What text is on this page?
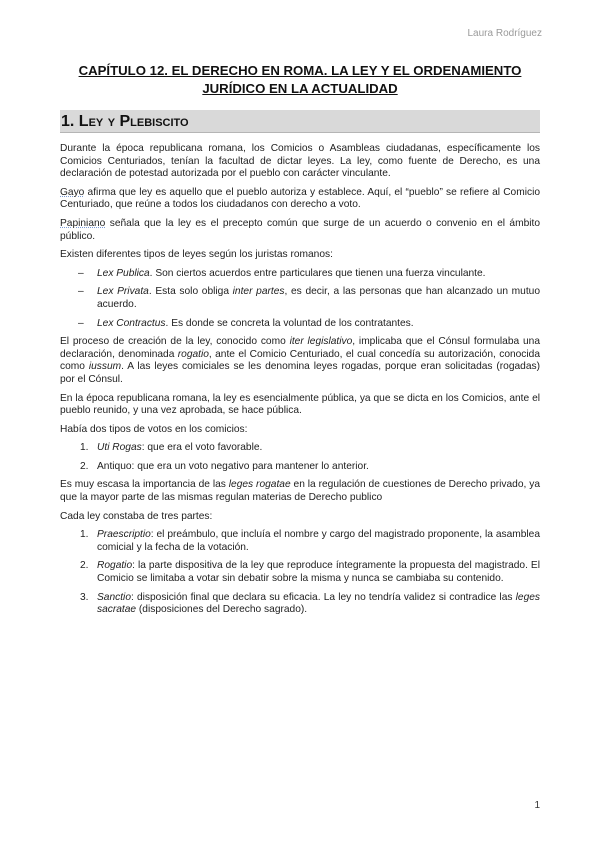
Laura Rodríguez
CAPÍTULO 12. EL DERECHO EN ROMA. LA LEY Y EL ORDENAMIENTO JURÍDICO EN LA ACTUALIDAD
1. Ley y Plebiscito

Durante la época republicana romana, los Comicios o Asambleas ciudadanas, específicamente los Comicios Centuriados, tenían la facultad de dictar leyes. La ley, como fuente de Derecho, es una declaración de potestad autorizada por el pueblo con carácter vinculante.

Gayo afirma que ley es aquello que el pueblo autoriza y establece. Aquí, el “pueblo” se refiere al Comicio Centuriado, que reúne a todos los ciudadanos con derecho a voto.

Papiniano señala que la ley es el precepto común que surge de un acuerdo o convenio en el ámbito público.

Existen diferentes tipos de leyes según los juristas romanos:

– Lex Publica. Son ciertos acuerdos entre particulares que tienen una fuerza vinculante.
– Lex Privata. Esta solo obliga inter partes, es decir, a las personas que han alcanzado un mutuo acuerdo.
– Lex Contractus. Es donde se concreta la voluntad de los contratantes.

El proceso de creación de la ley, conocido como iter legislativo, implicaba que el Cónsul formulaba una declaración, denominada rogatio, ante el Comicio Centuriado, el cual concedía su autorización, conocida como iussum. A las leyes comiciales se les denomina leyes rogadas, porque eran solicitadas (rogadas) por el Cónsul.

En la época republicana romana, la ley es esencialmente pública, ya que se dicta en los Comicios, ante el pueblo reunido, y una vez aprobada, se hace pública.

Había dos tipos de votos en los comicios:

1. Uti Rogas: que era el voto favorable.
2. Antiquo: que era un voto negativo para mantener lo anterior.

Es muy escasa la importancia de las leges rogatae en la regulación de cuestiones de Derecho privado, ya que la mayor parte de las mismas regulan materias de Derecho publico

Cada ley constaba de tres partes:

1. Praescriptio: el preámbulo, que incluía el nombre y cargo del magistrado proponente, la asamblea comicial y la fecha de la votación.
2. Rogatio: la parte dispositiva de la ley que reproduce íntegramente la propuesta del magistrado. El Comicio se limitaba a votar sin debatir sobre la misma y nunca se cambiaba su contenido.
3. Sanctio: disposición final que declara su eficacia. La ley no tendría validez si contradice las leges sacratae (disposiciones del Derecho sagrado).
1
